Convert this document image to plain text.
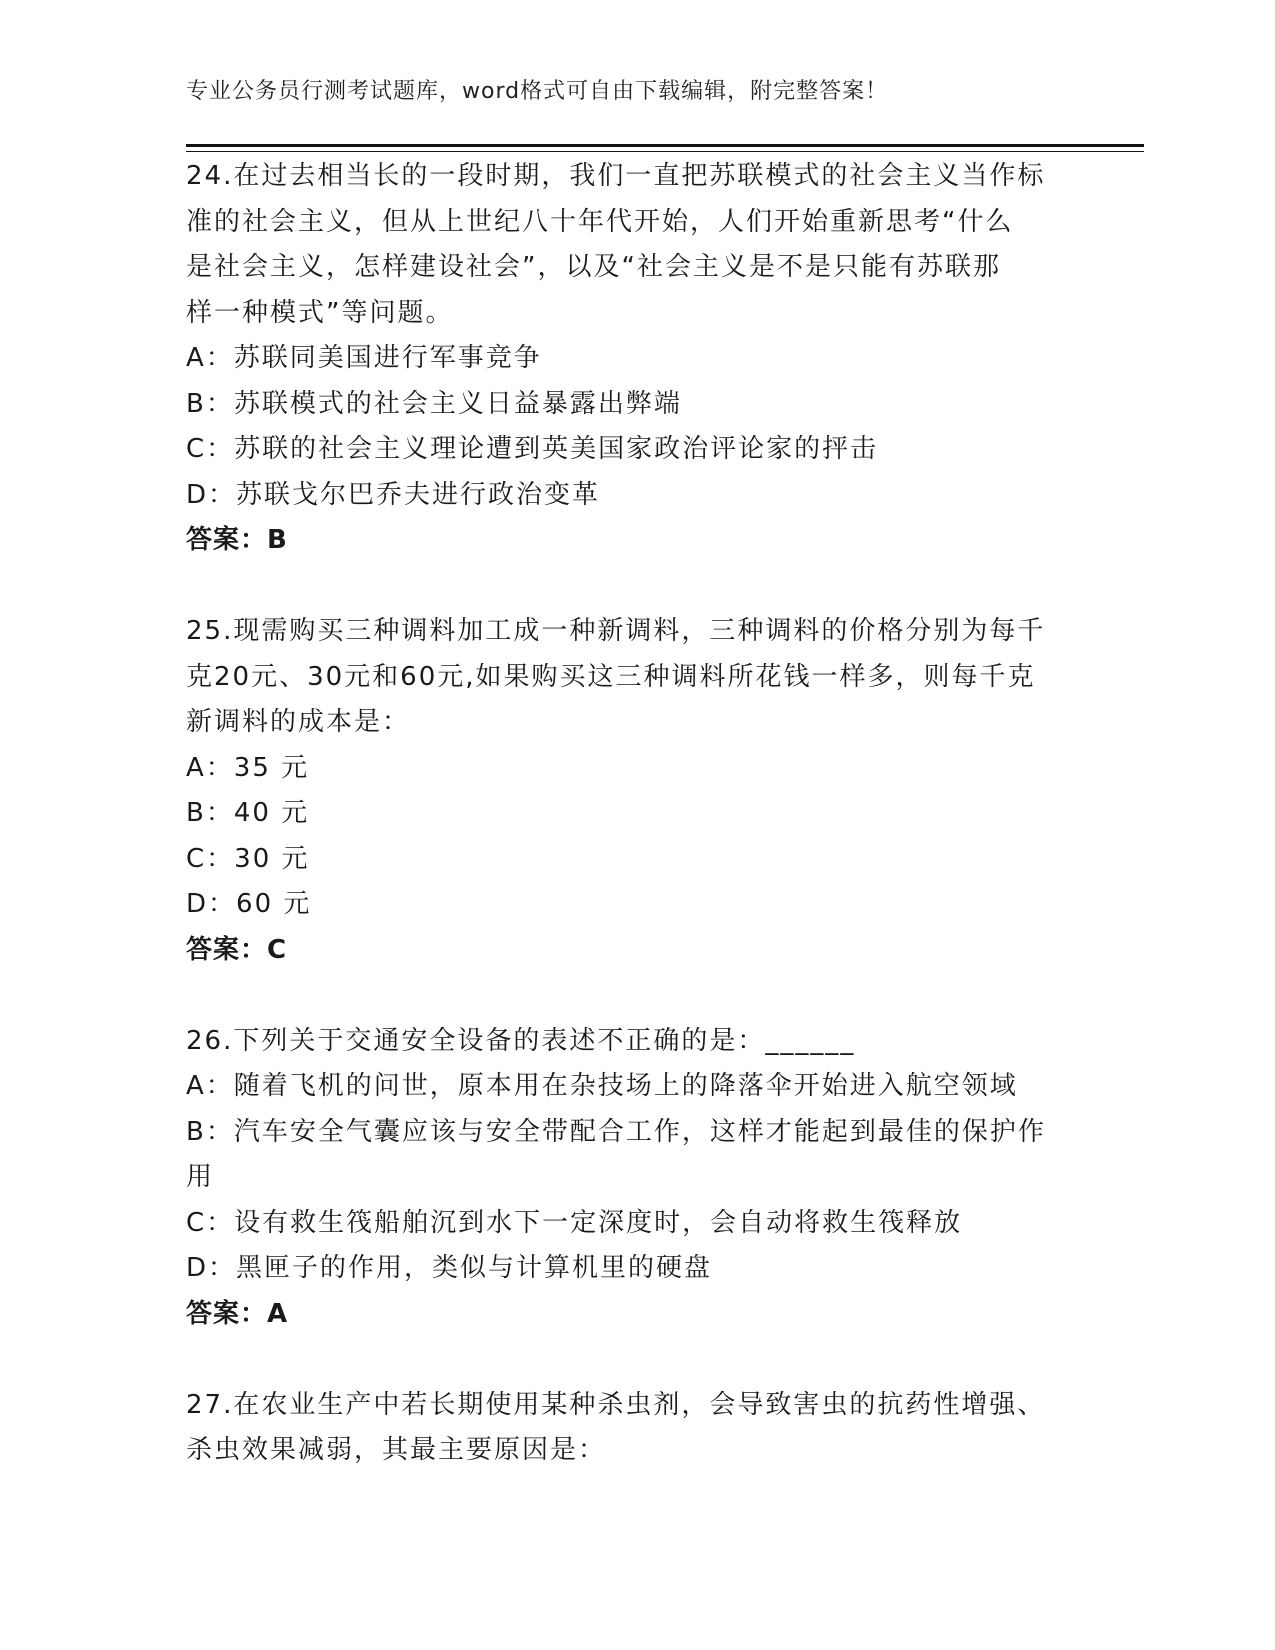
专业公务员行测考试题库，word格式可自由下载编辑，附完整答案！
24.在过去相当长的一段时期，我们一直把苏联模式的社会主义当作标
准的社会主义，但从上世纪八十年代开始，人们开始重新思考“什么
是社会主义，怎样建设社会”，以及“社会主义是不是只能有苏联那
样一种模式”等问题。
A：苏联同美国进行军事竞争
B：苏联模式的社会主义日益暴露出弊端
C：苏联的社会主义理论遭到英美国家政治评论家的抨击
D：苏联戈尔巴乔夫进行政治变革
答案：B
25.现需购买三种调料加工成一种新调料，三种调料的价格分别为每千
克20元、30元和60元,如果购买这三种调料所花钱一样多，则每千克
新调料的成本是：
A：35 元
B：40 元
C：30 元
D：60 元
答案：C
26.下列关于交通安全设备的表述不正确的是：______
A：随着飞机的问世，原本用在杂技场上的降落伞开始进入航空领域
B：汽车安全气囊应该与安全带配合工作，这样才能起到最佳的保护作
用
C：设有救生筏船舶沉到水下一定深度时，会自动将救生筏释放
D：黑匣子的作用，类似与计算机里的硬盘
答案：A
27.在农业生产中若长期使用某种杀虫剂，会导致害虫的抗药性增强、
杀虫效果减弱，其最主要原因是：
